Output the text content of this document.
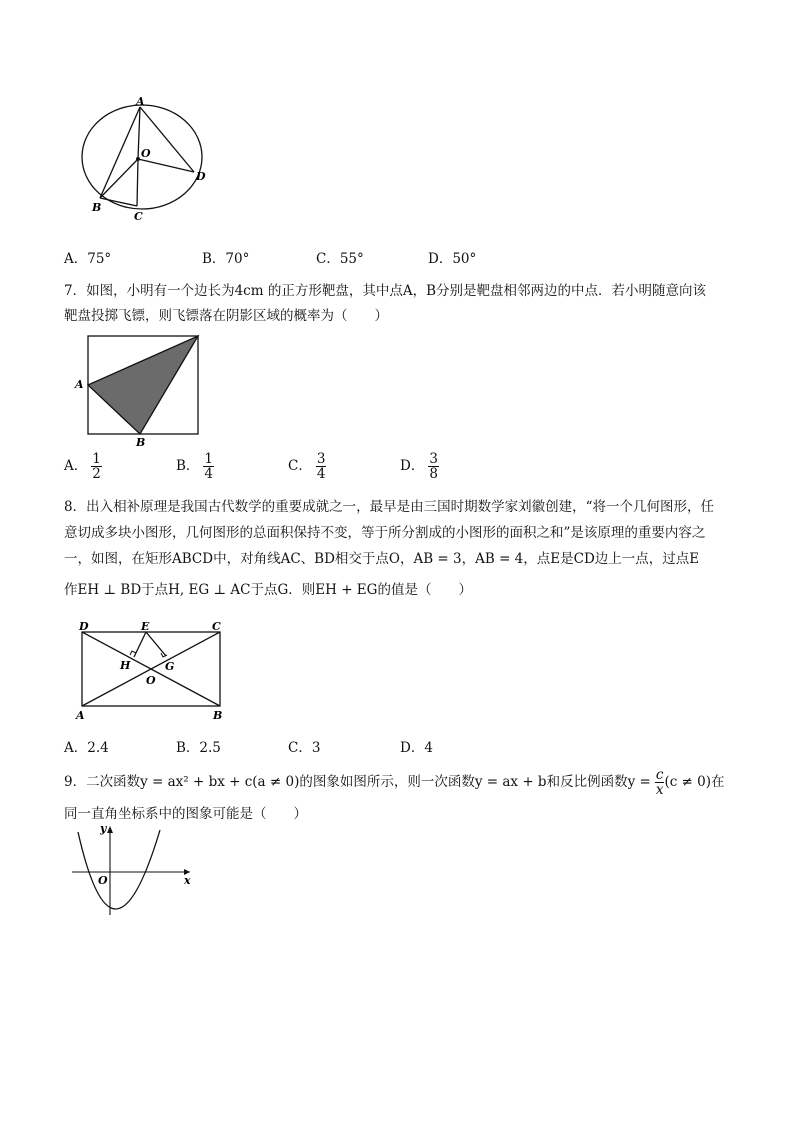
A
O
D
B
C
A．75°	B．70°	C．55°	D．50°
7．如图，小明有一个边长为4cm 的正方形靶盘，其中点A，B分别是靶盘相邻两边的中点．若小明随意向该
靶盘投掷飞镖，则飞镖落在阴影区域的概率为（　　）
A
B
A． $\frac{1}{2}$	B． $\frac{1}{4}$	C． $\frac{3}{4}$	D． $\frac{3}{8}$
8．出入相补原理是我国古代数学的重要成就之一，最早是由三国时期数学家刘徽创建，“将一个几何图形，任
意切成多块小图形，几何图形的总面积保持不变，等于所分割成的小图形的面积之和”是该原理的重要内容之
一，如图，在矩形ABCD中，对角线AC、BD相交于点O，AB = 3，AB = 4，点E是CD边上一点，过点E
作EH ⊥ BD于点H, EG ⊥ AC于点G．则EH + EG的值是（　　）
D	E	C
H	G
O
A	B
A．2.4	B．2.5	C．3	D．4
9．二次函数y = ax² + bx + c(a ≠ 0)的图象如图所示，则一次函数y = ax + b和反比例函数$y = \frac{c}{x} (c \ne 0)$在
同一直角坐标系中的图象可能是（　　）
y
x
O
